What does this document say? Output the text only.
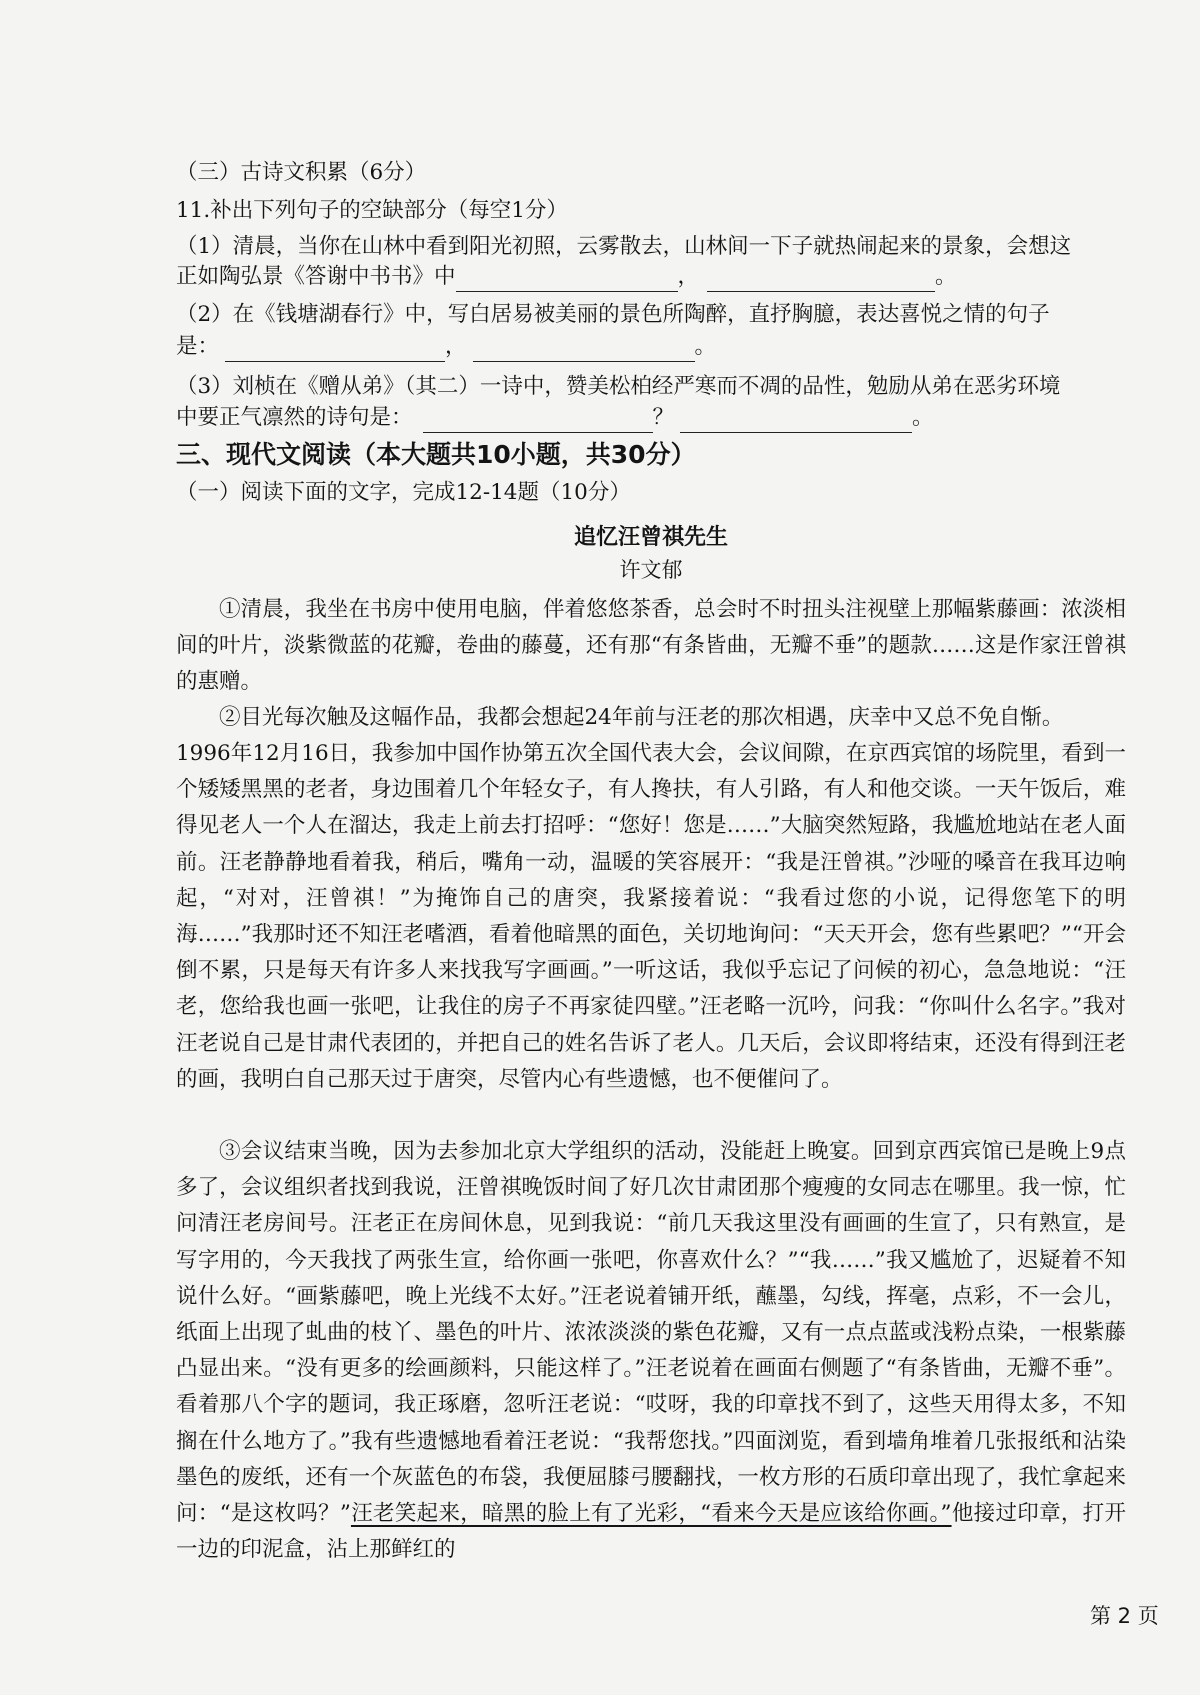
（三）古诗文积累（6分）
11.补出下列句子的空缺部分（每空1分）
（1）清晨，当你在山林中看到阳光初照，云雾散去，山林间一下子就热闹起来的景象，会想这
正如陶弘景《答谢中书书》中	，	。
（2）在《钱塘湖春行》中，写白居易被美丽的景色所陶醉，直抒胸臆，表达喜悦之情的句子
是：	，	。
（3）刘桢在《赠从弟》（其二）一诗中，赞美松柏经严寒而不凋的品性，勉励从弟在恶劣环境
中要正气凛然的诗句是：	？	。
三、现代文阅读（本大题共10小题，共30分）
（一）阅读下面的文字，完成12-14题（10分）
追忆汪曾祺先生
许文郁
①清晨，我坐在书房中使用电脑，伴着悠悠茶香，总会时不时扭头注视壁上那幅紫藤画：浓淡相间的叶片，淡紫微蓝的花瓣，卷曲的藤蔓，还有那“有条皆曲，无瓣不垂”的题款……这是作家汪曾祺的惠赠。
②目光每次触及这幅作品，我都会想起24年前与汪老的那次相遇，庆幸中又总不免自惭。
1996年12月16日，我参加中国作协第五次全国代表大会，会议间隙，在京西宾馆的场院里，看到一个矮矮黑黑的老者，身边围着几个年轻女子，有人搀扶，有人引路，有人和他交谈。一天午饭后，难得见老人一个人在溜达，我走上前去打招呼：“您好！您是……”大脑突然短路，我尴尬地站在老人面前。汪老静静地看着我，稍后，嘴角一动，温暖的笑容展开：“我是汪曾祺。”沙哑的嗓音在我耳边响起，“对对，汪曾祺！”为掩饰自己的唐突，我紧接着说：“我看过您的小说，记得您笔下的明海……”我那时还不知汪老嗜酒，看着他暗黑的面色，关切地询问：“天天开会，您有些累吧？”“开会倒不累，只是每天有许多人来找我写字画画。”一听这话，我似乎忘记了问候的初心，急急地说：“汪老，您给我也画一张吧，让我住的房子不再家徒四壁。”汪老略一沉吟，问我：“你叫什么名字。”我对汪老说自己是甘肃代表团的，并把自己的姓名告诉了老人。几天后，会议即将结束，还没有得到汪老的画，我明白自己那天过于唐突，尽管内心有些遗憾，也不便催问了。
③会议结束当晚，因为去参加北京大学组织的活动，没能赶上晚宴。回到京西宾馆已是晚上9点多了，会议组织者找到我说，汪曾祺晚饭时间了好几次甘肃团那个瘦瘦的女同志在哪里。我一惊，忙问清汪老房间号。汪老正在房间休息，见到我说：“前几天我这里没有画画的生宣了，只有熟宣，是写字用的，今天我找了两张生宣，给你画一张吧，你喜欢什么？”“我……”我又尴尬了，迟疑着不知说什么好。“画紫藤吧，晚上光线不太好。”汪老说着铺开纸，蘸墨，勾线，挥毫，点彩，不一会儿，纸面上出现了虬曲的枝丫、墨色的叶片、浓浓淡淡的紫色花瓣，又有一点点蓝或浅粉点染，一根紫藤凸显出来。“没有更多的绘画颜料，只能这样了。”汪老说着在画面右侧题了“有条皆曲，无瓣不垂”。看着那八个字的题词，我正琢磨，忽听汪老说：“哎呀，我的印章找不到了，这些天用得太多，不知搁在什么地方了。”我有些遗憾地看着汪老说：“我帮您找。”四面浏览，看到墙角堆着几张报纸和沾染墨色的废纸，还有一个灰蓝色的布袋，我便屈膝弓腰翻找，一枚方形的石质印章出现了，我忙拿起来问：“是这枚吗？”汪老笑起来，暗黑的脸上有了光彩，“看来今天是应该给你画。”他接过印章，打开一边的印泥盒，沾上那鲜红的
第 2 页
